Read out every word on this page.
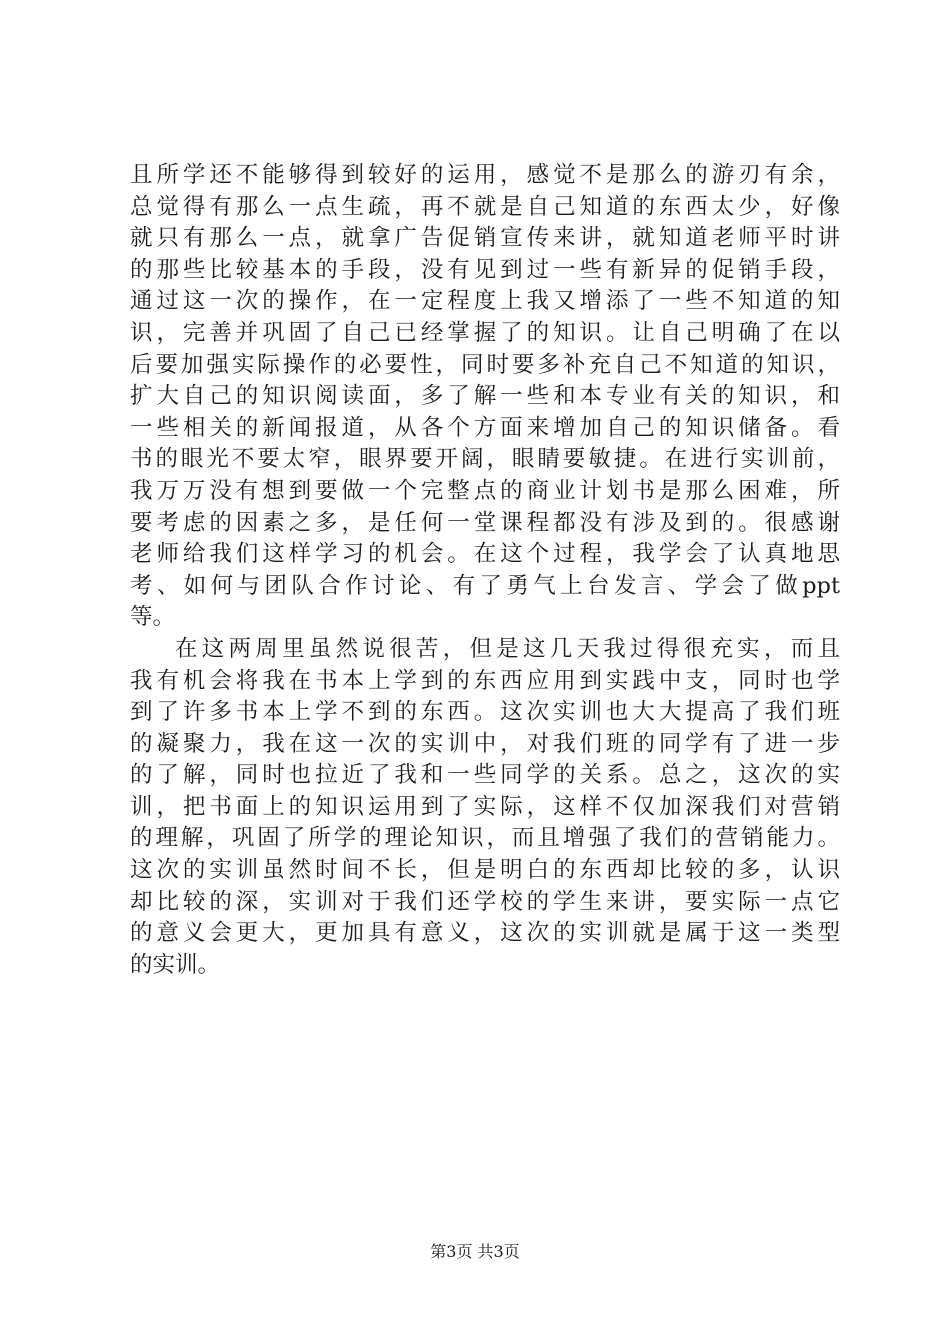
且所学还不能够得到较好的运用，感觉不是那么的游刃有余，
总觉得有那么一点生疏，再不就是自己知道的东西太少，好像
就只有那么一点，就拿广告促销宣传来讲，就知道老师平时讲
的那些比较基本的手段，没有见到过一些有新异的促销手段，
通过这一次的操作，在一定程度上我又增添了一些不知道的知
识，完善并巩固了自己已经掌握了的知识。让自己明确了在以
后要加强实际操作的必要性，同时要多补充自己不知道的知识，
扩大自己的知识阅读面，多了解一些和本专业有关的知识，和
一些相关的新闻报道，从各个方面来增加自己的知识储备。看
书的眼光不要太窄，眼界要开阔，眼睛要敏捷。在进行实训前，
我万万没有想到要做一个完整点的商业计划书是那么困难，所
要考虑的因素之多，是任何一堂课程都没有涉及到的。很感谢
老师给我们这样学习的机会。在这个过程，我学会了认真地思
考、如何与团队合作讨论、有了勇气上台发言、学会了做ppt
等。
在这两周里虽然说很苦，但是这几天我过得很充实，而且
我有机会将我在书本上学到的东西应用到实践中支，同时也学
到了许多书本上学不到的东西。这次实训也大大提高了我们班
的凝聚力，我在这一次的实训中，对我们班的同学有了进一步
的了解，同时也拉近了我和一些同学的关系。总之，这次的实
训，把书面上的知识运用到了实际，这样不仅加深我们对营销
的理解，巩固了所学的理论知识，而且增强了我们的营销能力。
这次的实训虽然时间不长，但是明白的东西却比较的多，认识
却比较的深，实训对于我们还学校的学生来讲，要实际一点它
的意义会更大，更加具有意义，这次的实训就是属于这一类型
的实训。
第3页 共3页
